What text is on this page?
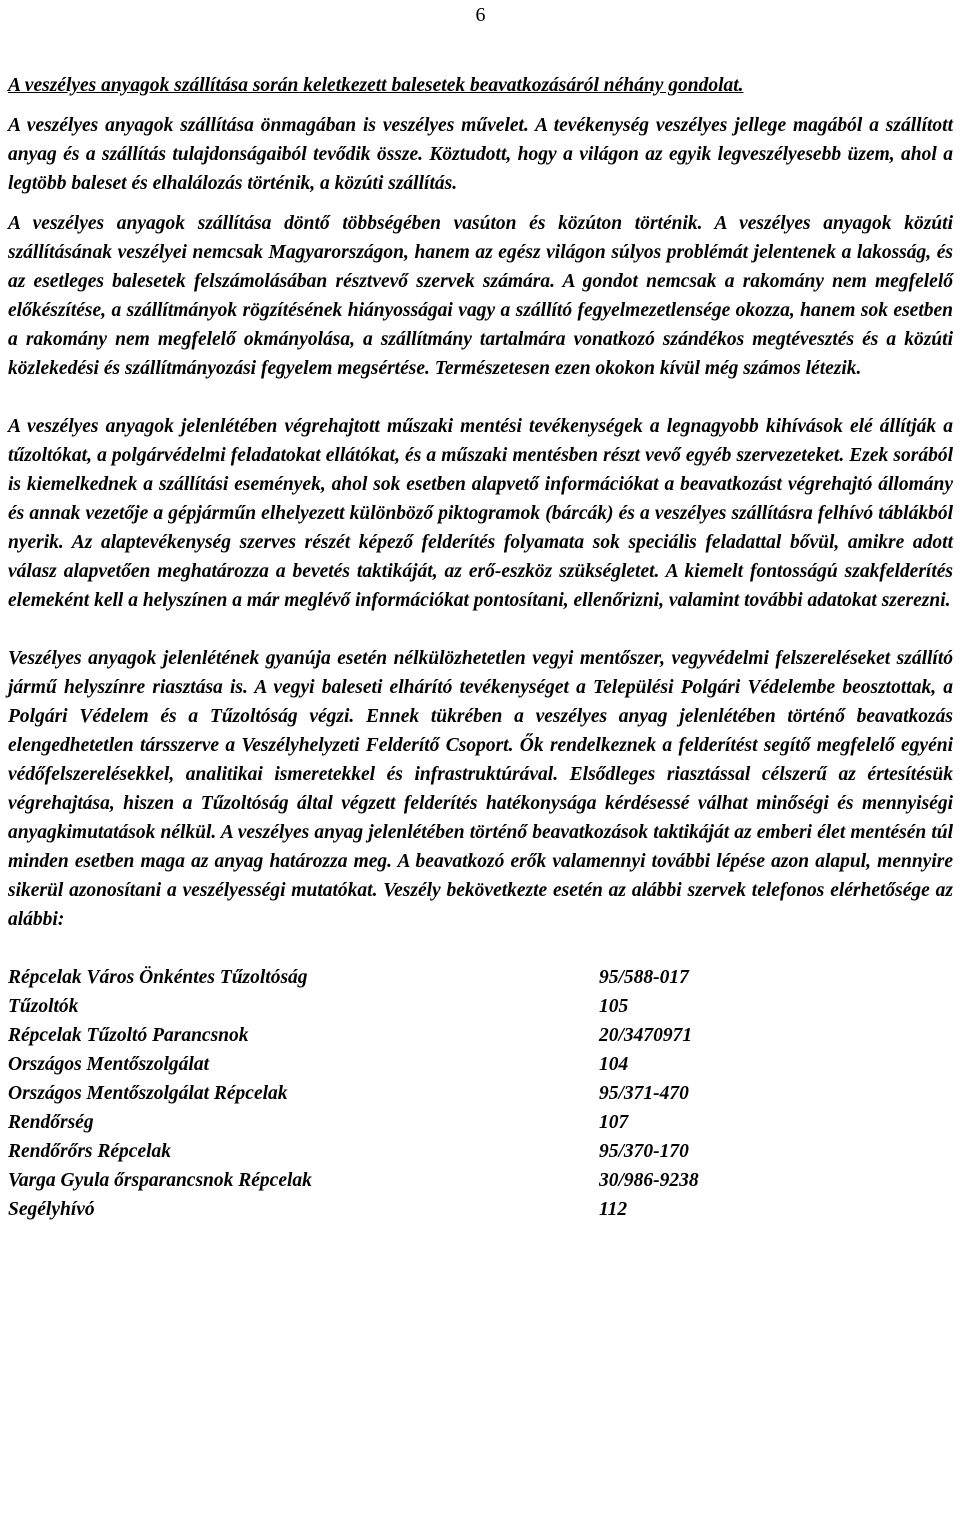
6

A veszélyes anyagok szállítása során keletkezett balesetek beavatkozásáról néhány gondolat.

A veszélyes anyagok szállítása önmagában is veszélyes művelet. A tevékenység veszélyes jellege magából a szállított anyag és a szállítás tulajdonságaiból tevődik össze. Köztudott, hogy a világon az egyik legveszélyesebb üzem, ahol a legtöbb baleset és elhalálozás történik, a közúti szállítás.

A veszélyes anyagok szállítása döntő többségében vasúton és közúton történik. A veszélyes anyagok közúti szállításának veszélyei nemcsak Magyarországon, hanem az egész világon súlyos problémát jelentenek a lakosság, és az esetleges balesetek felszámolásában résztvevő szervek számára. A gondot nemcsak a rakomány nem megfelelő előkészítése, a szállítmányok rögzítésének hiányosságai vagy a szállító fegyelmezetlensége okozza, hanem sok esetben a rakomány nem megfelelő okmányolása, a szállítmány tartalmára vonatkozó szándékos megtévesztés és a közúti közlekedési és szállítmányozási fegyelem megsértése. Természetesen ezen okokon kívül még számos létezik.

A veszélyes anyagok jelenlétében végrehajtott műszaki mentési tevékenységek a legnagyobb kihívások elé állítják a tűzoltókat, a polgárvédelmi feladatokat ellátókat, és a műszaki mentésben részt vevő egyéb szervezeteket. Ezek sorából is kiemelkednek a szállítási események, ahol sok esetben alapvető információkat a beavatkozást végrehajtó állomány és annak vezetője a gépjárműn elhelyezett különböző piktogramok (bárcák) és a veszélyes szállításra felhívó táblákból nyerik. Az alaptevékenység szerves részét képező felderítés folyamata sok speciális feladattal bővül, amikre adott válasz alapvetően meghatározza a bevetés taktikáját, az erő-eszköz szükségletet. A kiemelt fontosságú szakfelderítés elemeként kell a helyszínen a már meglévő információkat pontosítani, ellenőrizni, valamint további adatokat szerezni.

Veszélyes anyagok jelenlétének gyanúja esetén nélkülözhetetlen vegyi mentőszer, vegyvédelmi felszereléseket szállító jármű helyszínre riasztása is. A vegyi baleseti elhárító tevékenységet a Települési Polgári Védelembe beosztottak, a Polgári Védelem és a Tűzoltóság végzi. Ennek tükrében a veszélyes anyag jelenlétében történő beavatkozás elengedhetetlen társszerve a Veszélyhelyzeti Felderítő Csoport. Ők rendelkeznek a felderítést segítő megfelelő egyéni védőfelszerelésekkel, analitikai ismeretekkel és infrastruktúrával. Elsődleges riasztással célszerű az értesítésük végrehajtása, hiszen a Tűzoltóság által végzett felderítés hatékonysága kérdésessé válhat minőségi és mennyiségi anyagkimutatások nélkül. A veszélyes anyag jelenlétében történő beavatkozások taktikáját az emberi élet mentésén túl minden esetben maga az anyag határozza meg. A beavatkozó erők valamennyi további lépése azon alapul, mennyire sikerül azonosítani a veszélyességi mutatókat. Veszély bekövetkezte esetén az alábbi szervek telefonos elérhetősége az alábbi:

Répcelak Város Önkéntes Tűzoltóság	95/588-017
Tűzoltók	105
Répcelak Tűzoltó Parancsnok	20/3470971
Országos Mentőszolgálat	104
Országos Mentőszolgálat Répcelak	95/371-470
Rendőrség	107
Rendőrőrs Répcelak	95/370-170
Varga Gyula őrsparancsnok Répcelak	30/986-9238
Segélyhívó	112
